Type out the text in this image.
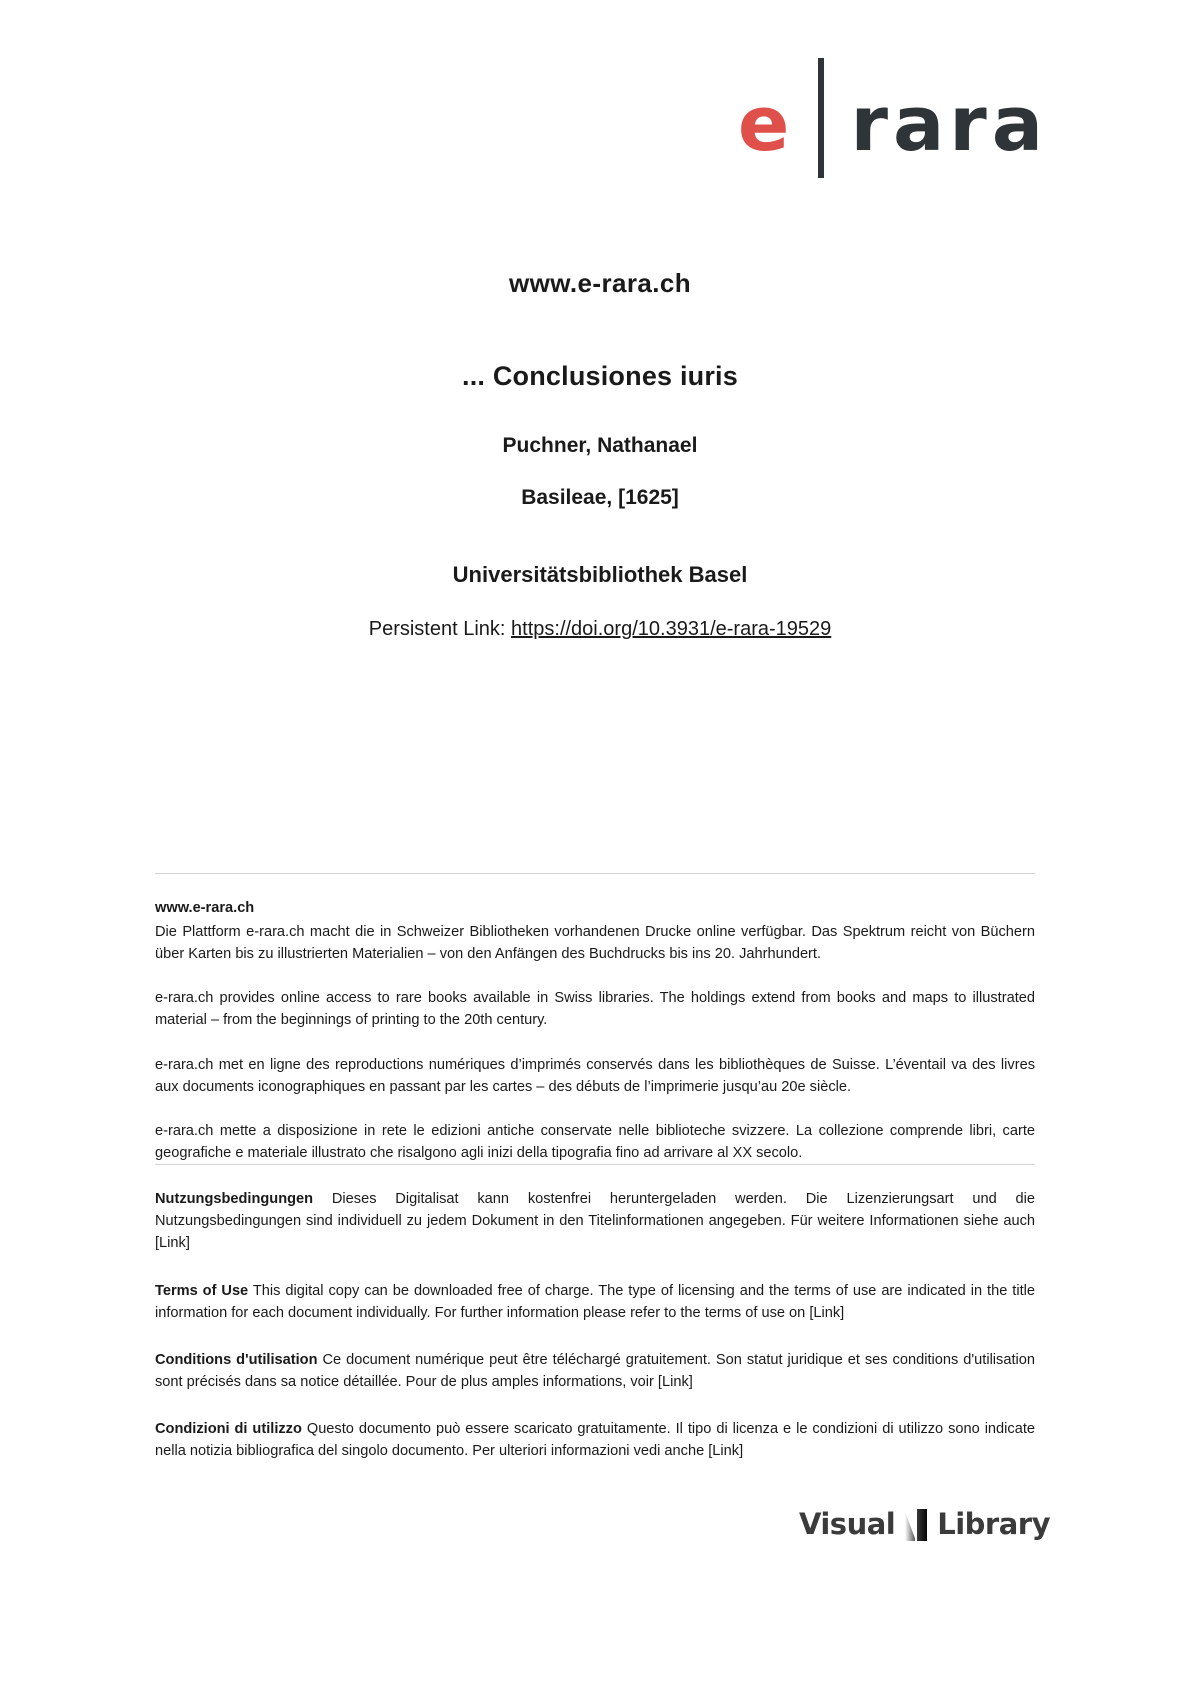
e rara
www.e-rara.ch
... Conclusiones iuris
Puchner, Nathanael
Basileae, [1625]
Universitätsbibliothek Basel
Persistent Link: https://doi.org/10.3931/e-rara-19529
www.e-rara.ch

Die Plattform e-rara.ch macht die in Schweizer Bibliotheken vorhandenen Drucke online verfügbar. Das Spektrum reicht von Büchern über Karten bis zu illustrierten Materialien – von den Anfängen des Buchdrucks bis ins 20. Jahrhundert.

e-rara.ch provides online access to rare books available in Swiss libraries. The holdings extend from books and maps to illustrated material – from the beginnings of printing to the 20th century.

e-rara.ch met en ligne des reproductions numériques d’imprimés conservés dans les bibliothèques de Suisse. L’éventail va des livres aux documents iconographiques en passant par les cartes – des débuts de l’imprimerie jusqu’au 20e siècle.

e-rara.ch mette a disposizione in rete le edizioni antiche conservate nelle biblioteche svizzere. La collezione comprende libri, carte geografiche e materiale illustrato che risalgono agli inizi della tipografia fino ad arrivare al XX secolo.

Nutzungsbedingungen Dieses Digitalisat kann kostenfrei heruntergeladen werden. Die Lizenzierungsart und die Nutzungsbedingungen sind individuell zu jedem Dokument in den Titelinformationen angegeben. Für weitere Informationen siehe auch [Link]

Terms of Use This digital copy can be downloaded free of charge. The type of licensing and the terms of use are indicated in the title information for each document individually. For further information please refer to the terms of use on [Link]

Conditions d'utilisation Ce document numérique peut être téléchargé gratuitement. Son statut juridique et ses conditions d'utilisation sont précisés dans sa notice détaillée. Pour de plus amples informations, voir [Link]

Condizioni di utilizzo Questo documento può essere scaricato gratuitamente. Il tipo di licenza e le condizioni di utilizzo sono indicate nella notizia bibliografica del singolo documento. Per ulteriori informazioni vedi anche [Link]

Visual Library
